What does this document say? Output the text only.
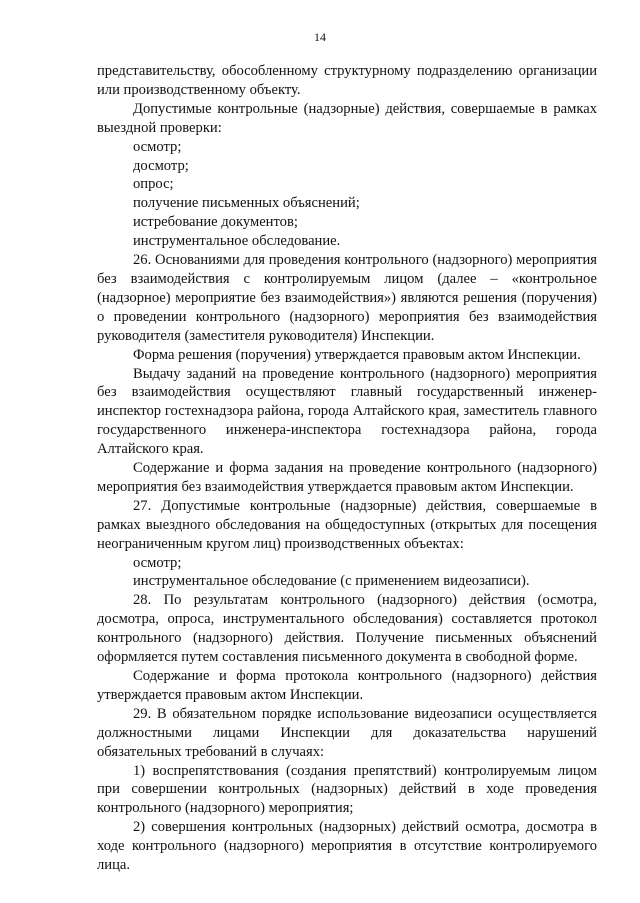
14

представительству, обособленному структурному подразделению организации или производственному объекту.

Допустимые контрольные (надзорные) действия, совершаемые в рамках выездной проверки:

осмотр;

досмотр;

опрос;

получение письменных объяснений;

истребование документов;

инструментальное обследование.

26. Основаниями для проведения контрольного (надзорного) мероприятия без взаимодействия с контролируемым лицом (далее – «контрольное (надзорное) мероприятие без взаимодействия») являются решения (поручения) о проведении контрольного (надзорного) мероприятия без взаимодействия руководителя (заместителя руководителя) Инспекции.

Форма решения (поручения) утверждается правовым актом Инспекции.

Выдачу заданий на проведение контрольного (надзорного) мероприятия без взаимодействия осуществляют главный государственный инженер-инспектор гостехнадзора района, города Алтайского края, заместитель главного государственного инженера-инспектора гостехнадзора района, города Алтайского края.

Содержание и форма задания на проведение контрольного (надзорного) мероприятия без взаимодействия утверждается правовым актом Инспекции.

27. Допустимые контрольные (надзорные) действия, совершаемые в рамках выездного обследования на общедоступных (открытых для посещения неограниченным кругом лиц) производственных объектах:

осмотр;

инструментальное обследование (с применением видеозаписи).

28. По результатам контрольного (надзорного) действия (осмотра, досмотра, опроса, инструментального обследования) составляется протокол контрольного (надзорного) действия. Получение письменных объяснений оформляется путем составления письменного документа в свободной форме.

Содержание и форма протокола контрольного (надзорного) действия утверждается правовым актом Инспекции.

29. В обязательном порядке использование видеозаписи осуществляется должностными лицами Инспекции для доказательства нарушений обязательных требований в случаях:

1) воспрепятствования (создания препятствий) контролируемым лицом при совершении контрольных (надзорных) действий в ходе проведения контрольного (надзорного) мероприятия;

2) совершения контрольных (надзорных) действий осмотра, досмотра в ходе контрольного (надзорного) мероприятия в отсутствие контролируемого лица.
